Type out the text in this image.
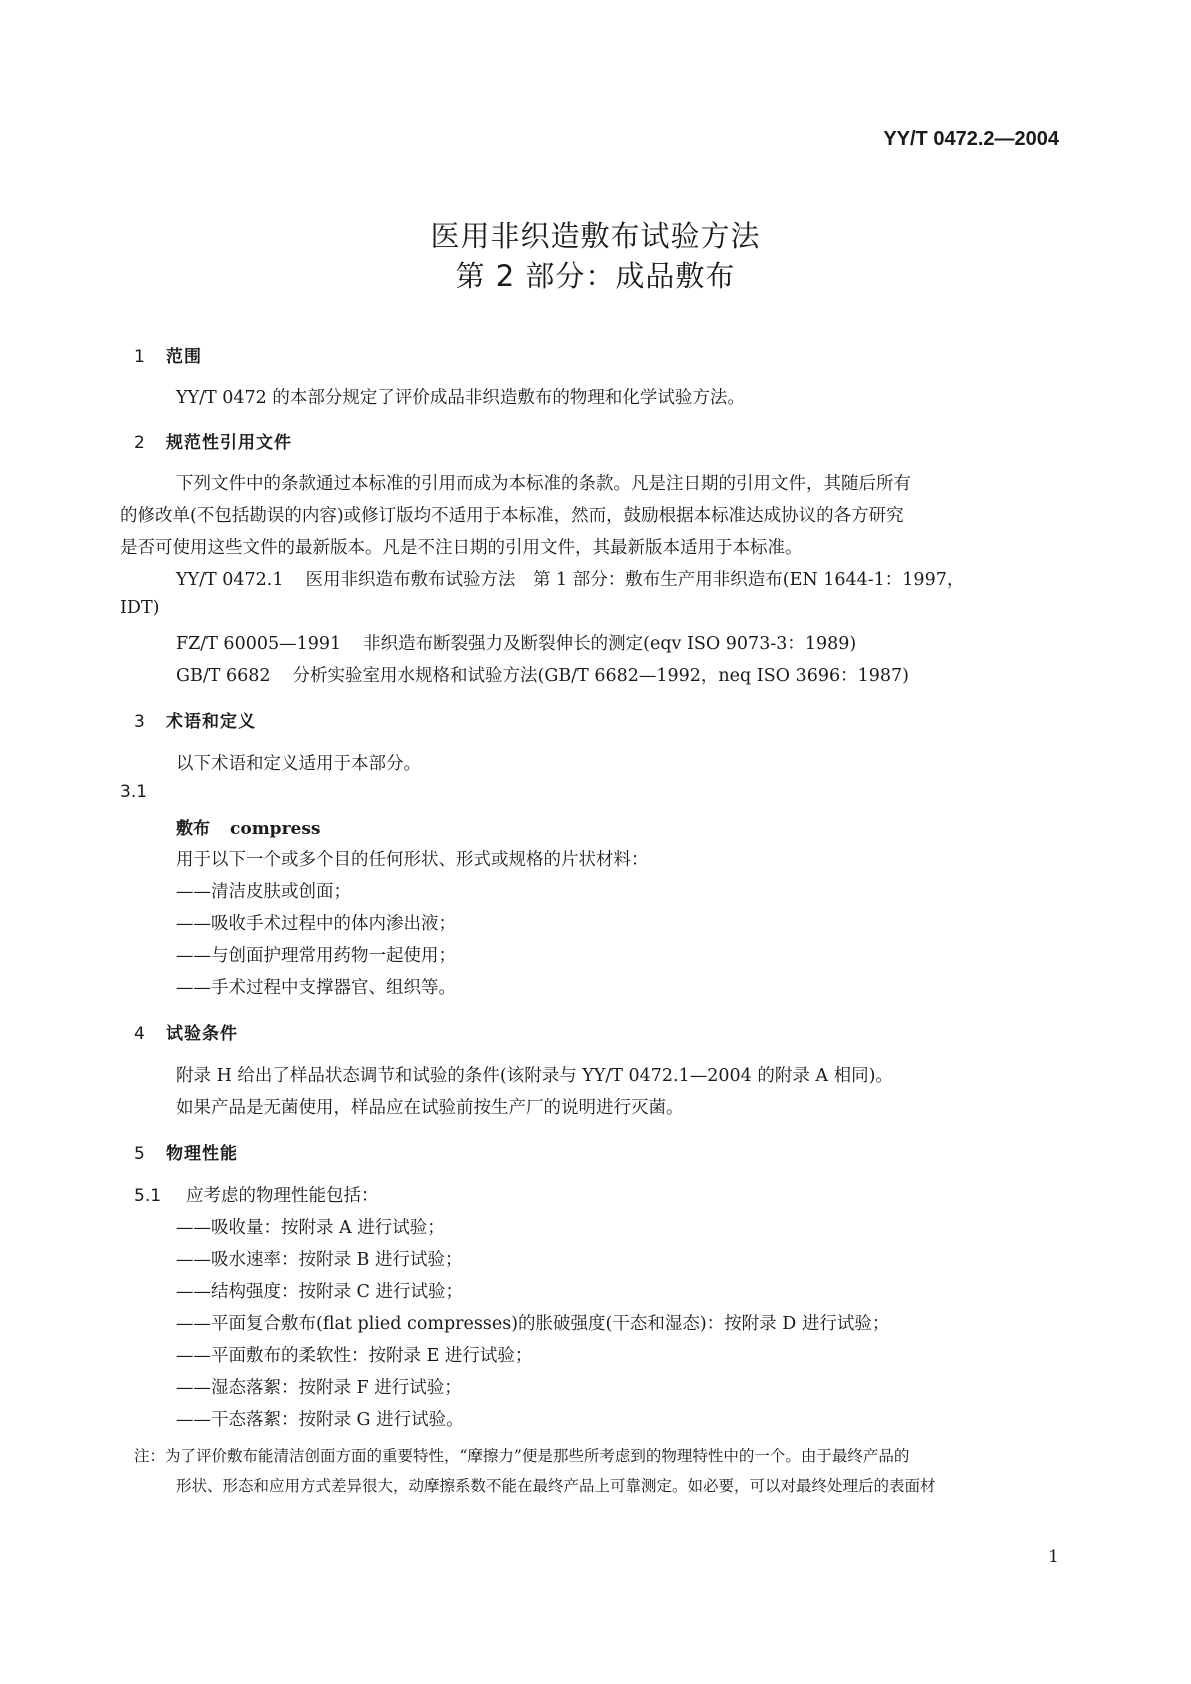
YY/T 0472.2—2004
医用非织造敷布试验方法
第 2 部分：成品敷布
1 范围
YY/T 0472 的本部分规定了评价成品非织造敷布的物理和化学试验方法。
2 规范性引用文件
下列文件中的条款通过本标准的引用而成为本标准的条款。凡是注日期的引用文件，其随后所有
的修改单(不包括勘误的内容)或修订版均不适用于本标准，然而，鼓励根据本标准达成协议的各方研究
是否可使用这些文件的最新版本。凡是不注日期的引用文件，其最新版本适用于本标准。
YY/T 0472.1 医用非织造布敷布试验方法　第 1 部分：敷布生产用非织造布(EN 1644-1：1997，
IDT)
FZ/T 60005—1991 非织造布断裂强力及断裂伸长的测定(eqv ISO 9073-3：1989)
GB/T 6682 分析实验室用水规格和试验方法(GB/T 6682—1992，neq ISO 3696：1987)
3 术语和定义
以下术语和定义适用于本部分。
3.1
敷布 compress
用于以下一个或多个目的任何形状、形式或规格的片状材料：
——清洁皮肤或创面；
——吸收手术过程中的体内渗出液；
——与创面护理常用药物一起使用；
——手术过程中支撑器官、组织等。
4 试验条件
附录 H 给出了样品状态调节和试验的条件(该附录与 YY/T 0472.1—2004 的附录 A 相同)。
如果产品是无菌使用，样品应在试验前按生产厂的说明进行灭菌。
5 物理性能
5.1 应考虑的物理性能包括：
——吸收量：按附录 A 进行试验；
——吸水速率：按附录 B 进行试验；
——结构强度：按附录 C 进行试验；
——平面复合敷布(flat plied compresses)的胀破强度(干态和湿态)：按附录 D 进行试验；
——平面敷布的柔软性：按附录 E 进行试验；
——湿态落絮：按附录 F 进行试验；
——干态落絮：按附录 G 进行试验。
注：为了评价敷布能清洁创面方面的重要特性，“摩擦力”便是那些所考虑到的物理特性中的一个。由于最终产品的
形状、形态和应用方式差异很大，动摩擦系数不能在最终产品上可靠测定。如必要，可以对最终处理后的表面材
1
